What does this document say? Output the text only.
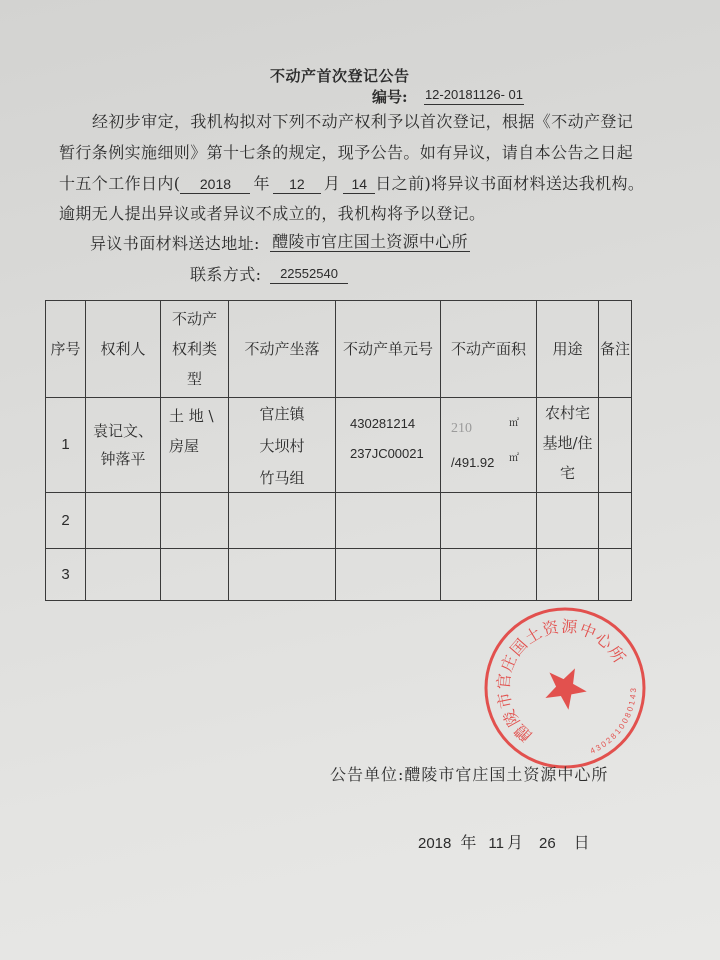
不动产首次登记公告
编号: 12-20181126- 01
经初步审定，我机构拟对下列不动产权利予以首次登记，根据《不动产登记
暂行条例实施细则》第十七条的规定，现予公告。如有异议，请自本公告之日起
十五个工作日内( 2018 年 12 月 14 日之前)将异议书面材料送达我机构。
逾期无人提出异议或者异议不成立的，我机构将予以登记。
异议书面材料送达地址: 醴陵市官庄国土资源中心所
联系方式:	22552540
序号 权利人
不动产
权利类
型
不动产坐落 不动产单元号 不动产面积 用途 备注
1
袁记文、
钟落平
土 地 \
房屋
官庄镇
大坝村
竹马组
430281214
237JC00021
210	㎡
/491.92 ㎡
农村宅
基地/住
宅
2
3
醴陵市官庄国土资源中心所
4302810080143
公告单位:醴陵市官庄国土资源中心所
2018 年 11 月 26 日
